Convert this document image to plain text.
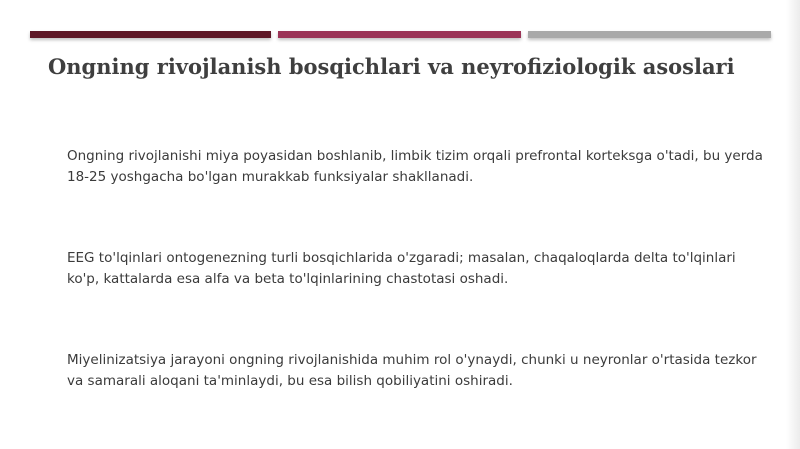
Ongning rivojlanish bosqichlari va neyrofiziologik asoslari

Ongning rivojlanishi miya poyasidan boshlanib, limbik tizim orqali prefrontal korteksga o'tadi, bu yerda 18-25 yoshgacha bo'lgan murakkab funksiyalar shakllanadi.

EEG to'lqinlari ontogenezning turli bosqichlarida o'zgaradi; masalan, chaqaloqlarda delta to'lqinlari ko'p, kattalarda esa alfa va beta to'lqinlarining chastotasi oshadi.

Miyelinizatsiya jarayoni ongning rivojlanishida muhim rol o'ynaydi, chunki u neyronlar o'rtasida tezkor va samarali aloqani ta'minlaydi, bu esa bilish qobiliyatini oshiradi.
